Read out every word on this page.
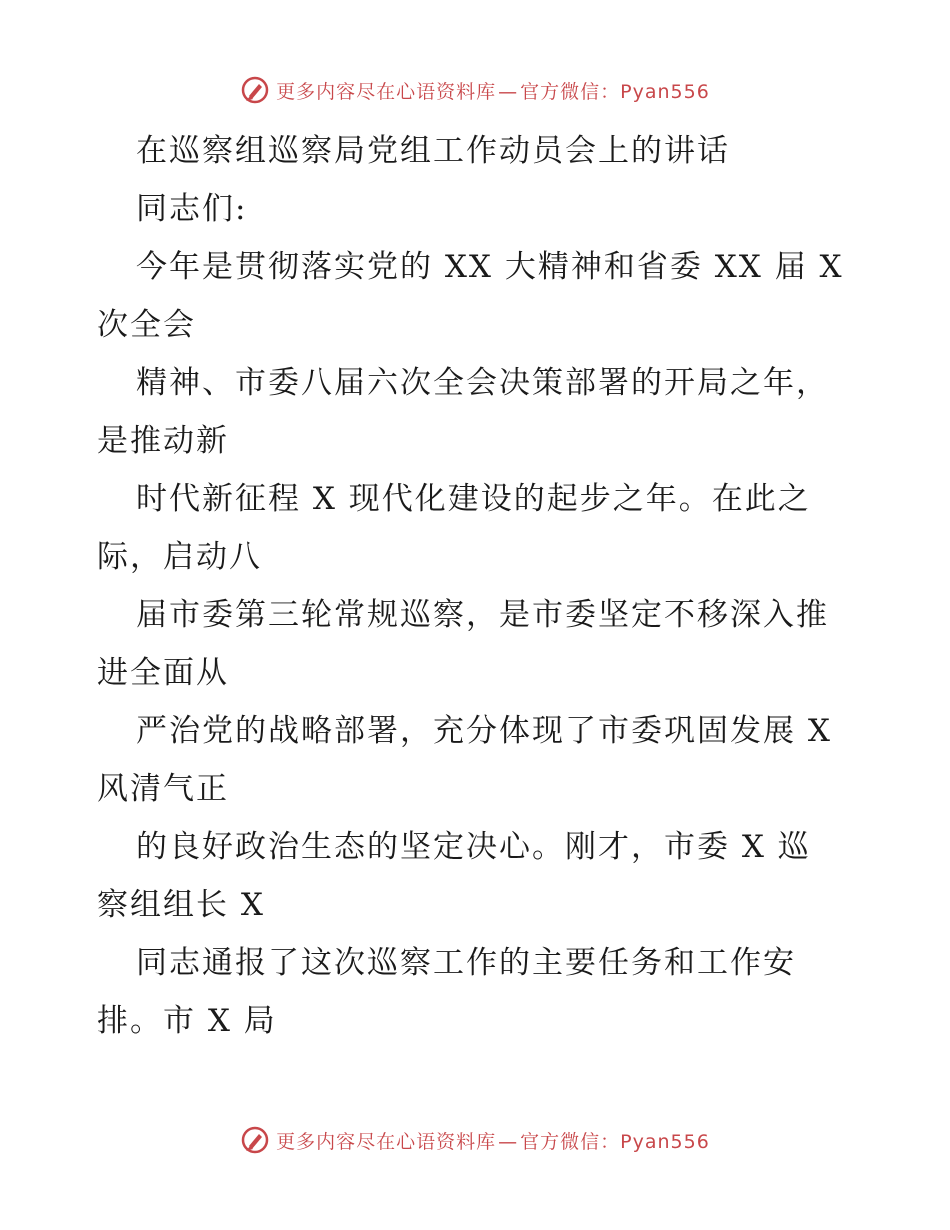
更多内容尽在心语资料库 — 官方微信：Pyan556
在巡察组巡察局党组工作动员会上的讲话
同志们:
今年是贯彻落实党的 XX 大精神和省委 XX 届 X
次全会
精神、市委八届六次全会决策部署的开局之年，
是推动新
时代新征程 X 现代化建设的起步之年。在此之
际，启动八
届市委第三轮常规巡察，是市委坚定不移深入推
进全面从
严治党的战略部署，充分体现了市委巩固发展 X
风清气正
的良好政治生态的坚定决心。刚才，市委 X 巡
察组组长 X
同志通报了这次巡察工作的主要任务和工作安
排。市 X 局
更多内容尽在心语资料库 — 官方微信：Pyan556
